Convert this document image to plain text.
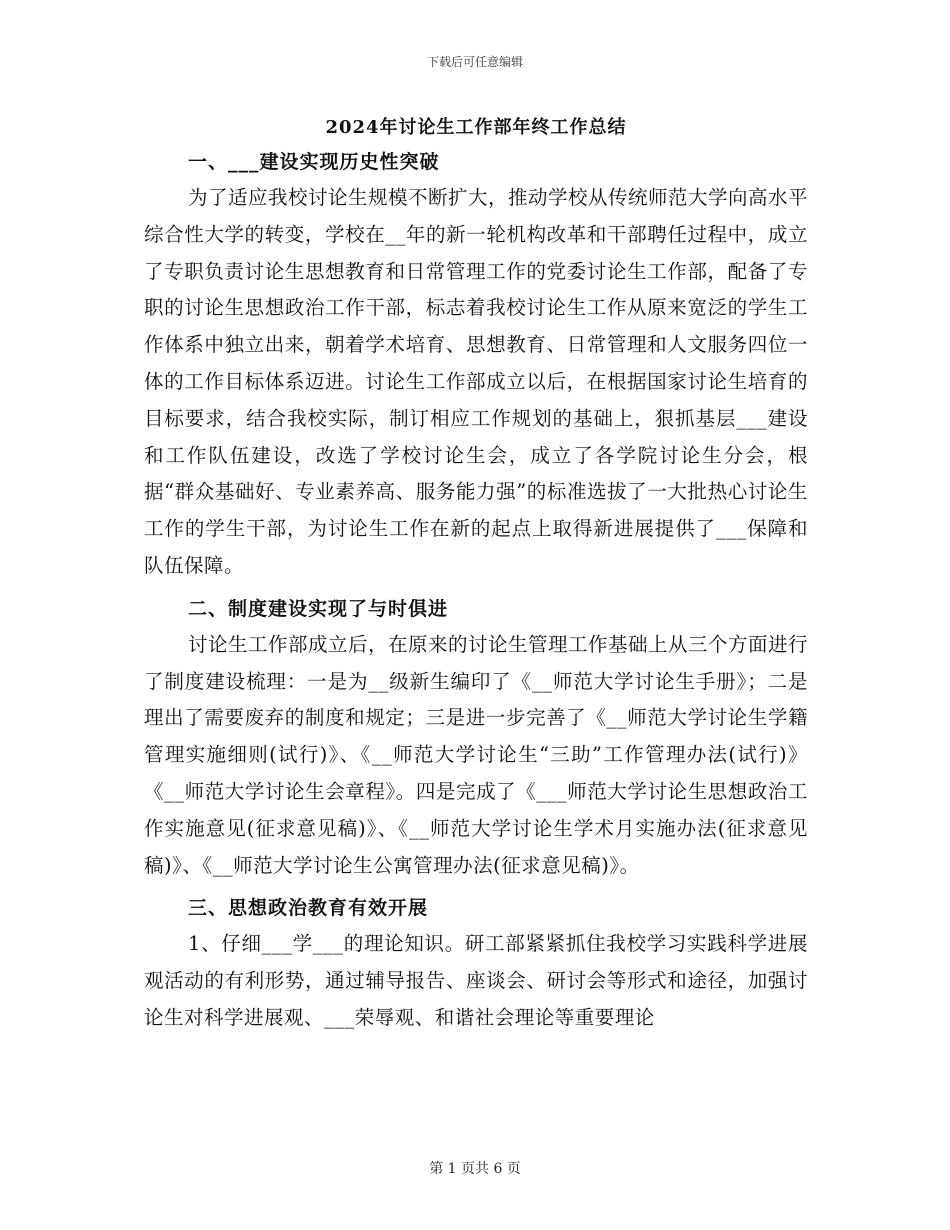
下载后可任意编辑
2024年讨论生工作部年终工作总结
一、___建设实现历史性突破

为了适应我校讨论生规模不断扩大，推动学校从传统师范大学向高水平综合性大学的转变，学校在__年的新一轮机构改革和干部聘任过程中，成立了专职负责讨论生思想教育和日常管理工作的党委讨论生工作部，配备了专职的讨论生思想政治工作干部，标志着我校讨论生工作从原来宽泛的学生工作体系中独立出来，朝着学术培育、思想教育、日常管理和人文服务四位一体的工作目标体系迈进。讨论生工作部成立以后，在根据国家讨论生培育的目标要求，结合我校实际，制订相应工作规划的基础上，狠抓基层___建设和工作队伍建设，改选了学校讨论生会，成立了各学院讨论生分会，根据“群众基础好、专业素养高、服务能力强”的标准选拔了一大批热心讨论生工作的学生干部，为讨论生工作在新的起点上取得新进展提供了___保障和队伍保障。

二、制度建设实现了与时俱进

讨论生工作部成立后，在原来的讨论生管理工作基础上从三个方面进行了制度建设梳理：一是为__级新生编印了《__师范大学讨论生手册》；二是理出了需要废弃的制度和规定；三是进一步完善了《__师范大学讨论生学籍管理实施细则(试行)》、《__师范大学讨论生“三助”工作管理办法(试行)》《__师范大学讨论生会章程》。四是完成了《___师范大学讨论生思想政治工作实施意见(征求意见稿)》、《__师范大学讨论生学术月实施办法(征求意见稿)》、《__师范大学讨论生公寓管理办法(征求意见稿)》。

三、思想政治教育有效开展

1、仔细___学___的理论知识。研工部紧紧抓住我校学习实践科学进展观活动的有利形势，通过辅导报告、座谈会、研讨会等形式和途径，加强讨论生对科学进展观、___荣辱观、和谐社会理论等重要理论

第 1 页共 6 页
